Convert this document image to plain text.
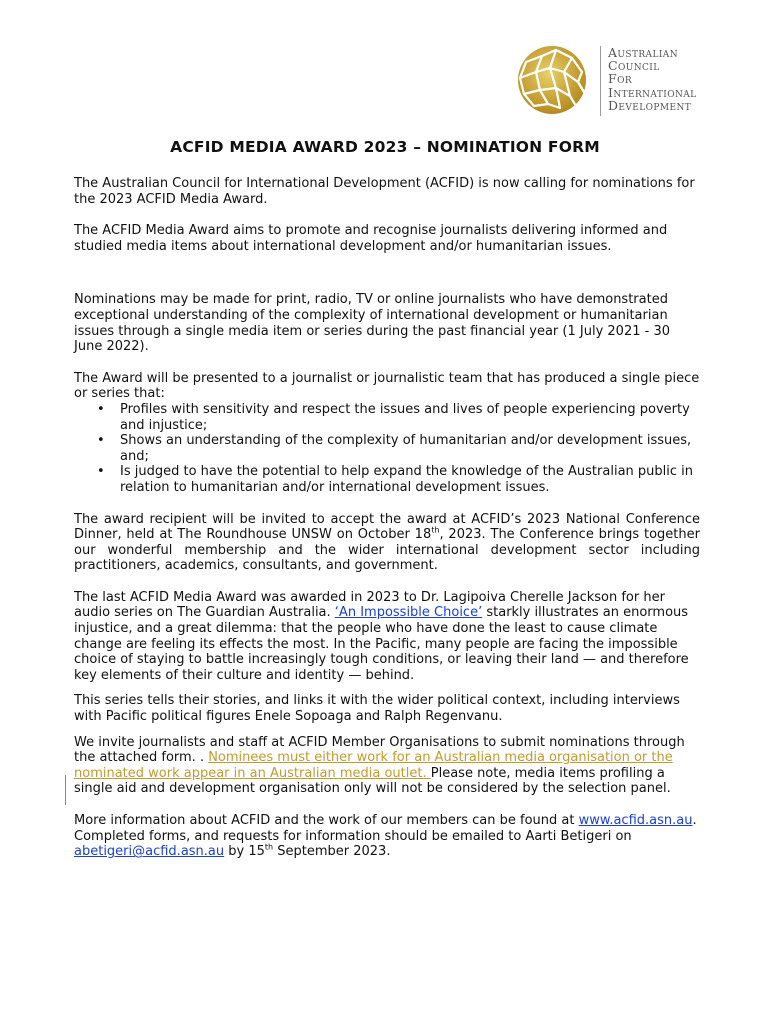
Australian
Council
For
International
Development
ACFID MEDIA AWARD 2023 – NOMINATION FORM

The Australian Council for International Development (ACFID) is now calling for nominations for the 2023 ACFID Media Award.

The ACFID Media Award aims to promote and recognise journalists delivering informed and studied media items about international development and/or humanitarian issues.

Nominations may be made for print, radio, TV or online journalists who have demonstrated exceptional understanding of the complexity of international development or humanitarian issues through a single media item or series during the past financial year (1 July 2021 - 30 June 2022).

The Award will be presented to a journalist or journalistic team that has produced a single piece or series that:

• Profiles with sensitivity and respect the issues and lives of people experiencing poverty and injustice;
• Shows an understanding of the complexity of humanitarian and/or development issues, and;
• Is judged to have the potential to help expand the knowledge of the Australian public in relation to humanitarian and/or international development issues.

The award recipient will be invited to accept the award at ACFID’s 2023 National Conference Dinner, held at The Roundhouse UNSW on October 18th, 2023. The Conference brings together our wonderful membership and the wider international development sector including practitioners, academics, consultants, and government.

The last ACFID Media Award was awarded in 2023 to Dr. Lagipoiva Cherelle Jackson for her audio series on The Guardian Australia. ‘An Impossible Choice’ starkly illustrates an enormous injustice, and a great dilemma: that the people who have done the least to cause climate change are feeling its effects the most. In the Pacific, many people are facing the impossible choice of staying to battle increasingly tough conditions, or leaving their land — and therefore key elements of their culture and identity — behind.

This series tells their stories, and links it with the wider political context, including interviews with Pacific political figures Enele Sopoaga and Ralph Regenvanu.

We invite journalists and staff at ACFID Member Organisations to submit nominations through the attached form. . Nominees must either work for an Australian media organisation or the nominated work appear in an Australian media outlet. Please note, media items profiling a single aid and development organisation only will not be considered by the selection panel.

More information about ACFID and the work of our members can be found at www.acfid.asn.au.

Completed forms, and requests for information should be emailed to Aarti Betigeri on abetigeri@acfid.asn.au by 15th September 2023.
